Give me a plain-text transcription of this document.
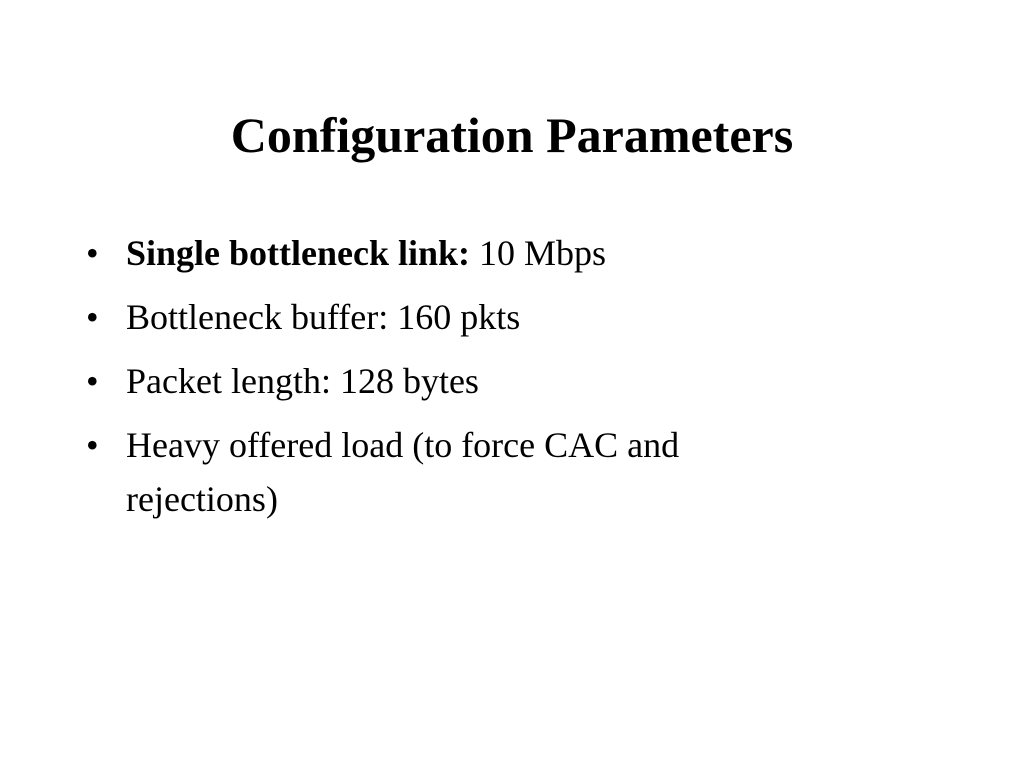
Configuration Parameters
• Single bottleneck link: 10 Mbps
• Bottleneck buffer: 160 pkts
• Packet length: 128 bytes
• Heavy offered load (to force CAC and rejections)
